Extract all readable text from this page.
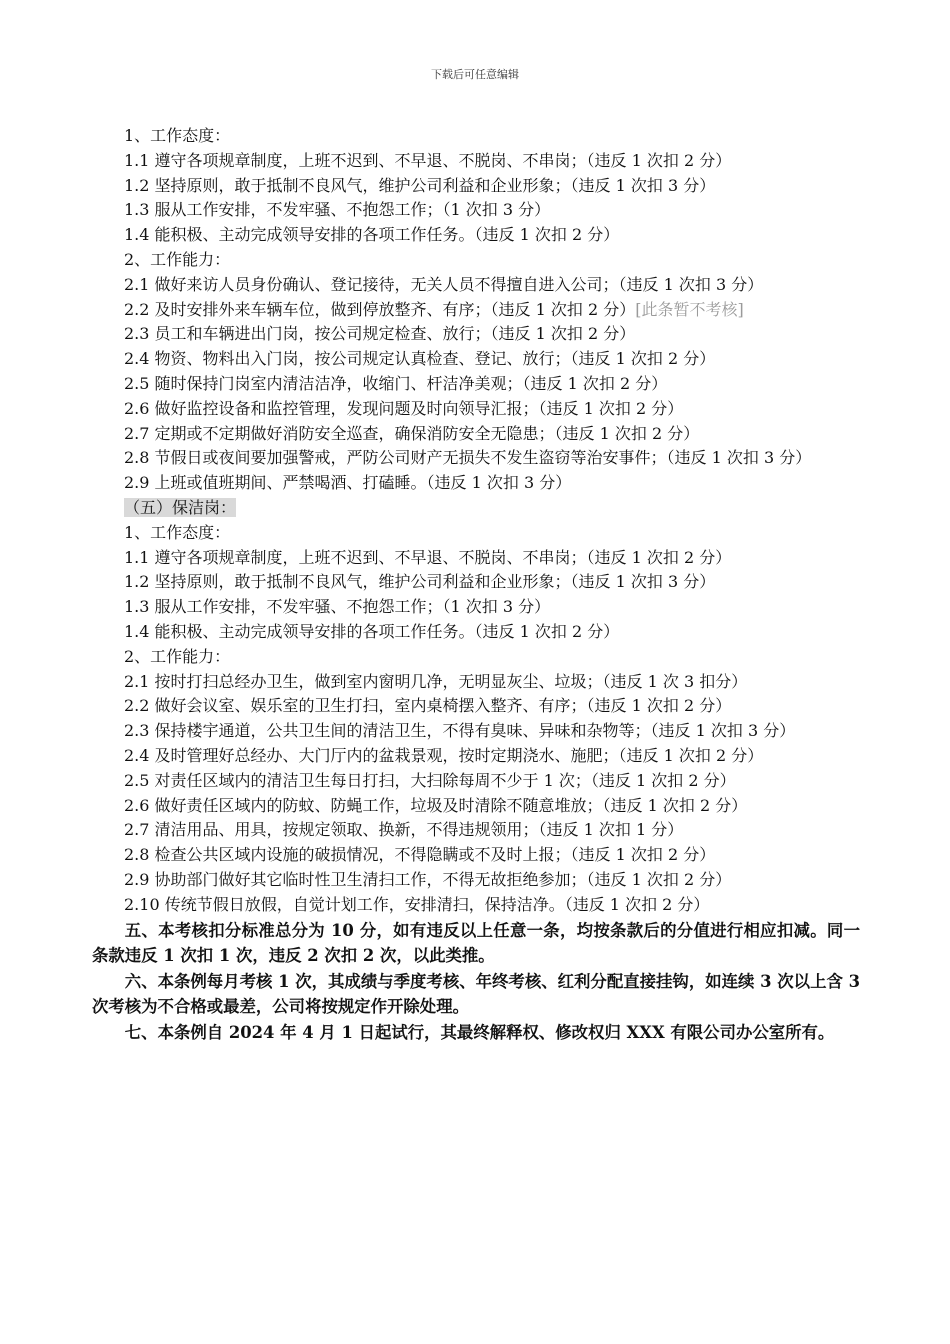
下载后可任意编辑

1、工作态度：

1.1 遵守各项规章制度，上班不迟到、不早退、不脱岗、不串岗；（违反 1 次扣 2 分）

1.2 坚持原则，敢于抵制不良风气，维护公司利益和企业形象；（违反 1 次扣 3 分）

1.3 服从工作安排，不发牢骚、不抱怨工作；（1 次扣 3 分）

1.4 能积极、主动完成领导安排的各项工作任务。（违反 1 次扣 2 分）

2、工作能力：

2.1 做好来访人员身份确认、登记接待，无关人员不得擅自进入公司；（违反 1 次扣 3 分）

2.2 及时安排外来车辆车位，做到停放整齐、有序；（违反 1 次扣 2 分）[此条暂不考核]

2.3 员工和车辆进出门岗，按公司规定检查、放行；（违反 1 次扣 2 分）

2.4 物资、物料出入门岗，按公司规定认真检查、登记、放行；（违反 1 次扣 2 分）

2.5 随时保持门岗室内清洁洁净，收缩门、杆洁净美观；（违反 1 次扣 2 分）

2.6 做好监控设备和监控管理，发现问题及时向领导汇报；（违反 1 次扣 2 分）

2.7 定期或不定期做好消防安全巡查，确保消防安全无隐患；（违反 1 次扣 2 分）

2.8 节假日或夜间要加强警戒，严防公司财产无损失不发生盗窃等治安事件；（违反 1 次扣 3 分）

2.9 上班或值班期间、严禁喝酒、打磕睡。（违反 1 次扣 3 分）

（五）保洁岗：

1、工作态度：

1.1 遵守各项规章制度，上班不迟到、不早退、不脱岗、不串岗；（违反 1 次扣 2 分）

1.2 坚持原则，敢于抵制不良风气，维护公司利益和企业形象；（违反 1 次扣 3 分）

1.3 服从工作安排，不发牢骚、不抱怨工作；（1 次扣 3 分）

1.4 能积极、主动完成领导安排的各项工作任务。（违反 1 次扣 2 分）

2、工作能力：

2.1 按时打扫总经办卫生，做到室内窗明几净，无明显灰尘、垃圾；（违反 1 次 3 扣分）

2.2 做好会议室、娱乐室的卫生打扫，室内桌椅摆入整齐、有序；（违反 1 次扣 2 分）

2.3 保持楼宇通道，公共卫生间的清洁卫生，不得有臭味、异味和杂物等；（违反 1 次扣 3 分）

2.4 及时管理好总经办、大门厅内的盆栽景观，按时定期浇水、施肥；（违反 1 次扣 2 分）

2.5 对责任区域内的清洁卫生每日打扫，大扫除每周不少于 1 次；（违反 1 次扣 2 分）

2.6 做好责任区域内的防蚊、防蝇工作，垃圾及时清除不随意堆放；（违反 1 次扣 2 分）

2.7 清洁用品、用具，按规定领取、换新，不得违规领用；（违反 1 次扣 1 分）

2.8 检查公共区域内设施的破损情况，不得隐瞒或不及时上报；（违反 1 次扣 2 分）

2.9 协助部门做好其它临时性卫生清扫工作，不得无故拒绝参加；（违反 1 次扣 2 分）

2.10 传统节假日放假，自觉计划工作，安排清扫，保持洁净。（违反 1 次扣 2 分）

五、本考核扣分标准总分为 10 分，如有违反以上任意一条，均按条款后的分值进行相应扣减。同一条款违反 1 次扣 1 次，违反 2 次扣 2 次，以此类推。

六、本条例每月考核 1 次，其成绩与季度考核、年终考核、红利分配直接挂钩，如连续 3 次以上含 3 次考核为不合格或最差，公司将按规定作开除处理。

七、本条例自 2024 年 4 月 1 日起试行，其最终解释权、修改权归 XXX 有限公司办公室所有。
